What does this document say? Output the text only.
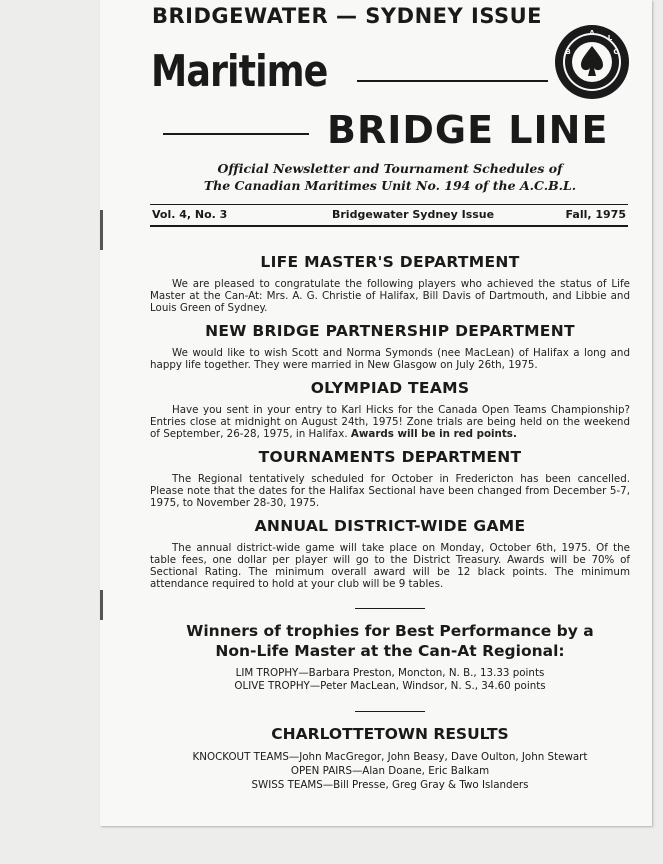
BRIDGEWATER — SYDNEY ISSUE
Maritime
BRIDGE LINE
A
C
B
L
Official Newsletter and Tournament Schedules of
The Canadian Maritimes Unit No. 194 of the A.C.B.L.
Vol. 4, No. 3	Bridgewater Sydney Issue	Fall, 1975
LIFE MASTER'S DEPARTMENT

We are pleased to congratulate the following players who achieved the status of Life Master at the Can-At: Mrs. A. G. Christie of Halifax, Bill Davis of Dartmouth, and Libbie and Louis Green of Sydney.

NEW BRIDGE PARTNERSHIP DEPARTMENT

We would like to wish Scott and Norma Symonds (nee MacLean) of Halifax a long and happy life together. They were married in New Glasgow on July 26th, 1975.

OLYMPIAD TEAMS

Have you sent in your entry to Karl Hicks for the Canada Open Teams Championship? Entries close at midnight on August 24th, 1975! Zone trials are being held on the weekend of September, 26-28, 1975, in Halifax. Awards will be in red points.

TOURNAMENTS DEPARTMENT

The Regional tentatively scheduled for October in Fredericton has been cancelled. Please note that the dates for the Halifax Sectional have been changed from December 5-7, 1975, to November 28-30, 1975.

ANNUAL DISTRICT-WIDE GAME

The annual district-wide game will take place on Monday, October 6th, 1975. Of the table fees, one dollar per player will go to the District Treasury. Awards will be 70% of Sectional Rating. The minimum overall award will be 12 black points. The minimum attendance required to hold at your club will be 9 tables.

Winners of trophies for Best Performance by a
Non-Life Master at the Can-At Regional:
LIM TROPHY—Barbara Preston, Moncton, N. B., 13.33 points
OLIVE TROPHY—Peter MacLean, Windsor, N. S., 34.60 points
CHARLOTTETOWN RESULTS
KNOCKOUT TEAMS—John MacGregor, John Beasy, Dave Oulton, John Stewart
OPEN PAIRS—Alan Doane, Eric Balkam
SWISS TEAMS—Bill Presse, Greg Gray & Two Islanders
